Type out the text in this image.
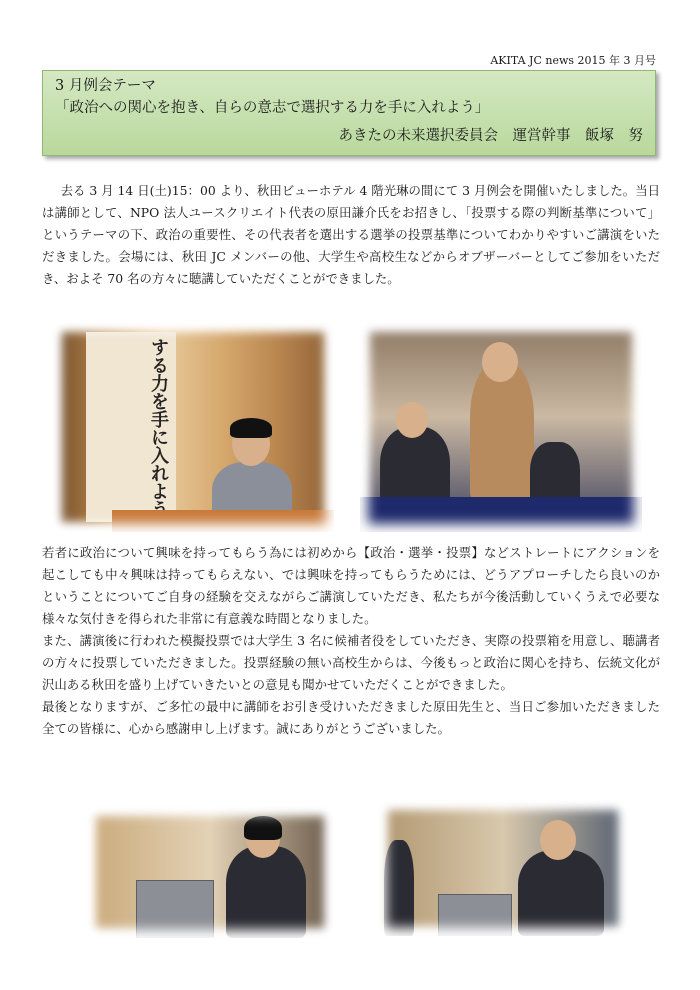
AKITA JC news 2015 年 3 月号
3 月例会テーマ
「政治への関心を抱き、自らの意志で選択する力を手に入れよう」
あきたの未来選択委員会　運営幹事　飯塚　努
去る 3 月 14 日(土)15：00 より、秋田ビューホテル 4 階光琳の間にて 3 月例会を開催いたしました。当日は講師として、NPO 法人ユースクリエイト代表の原田謙介氏をお招きし、「投票する際の判断基準について」というテーマの下、政治の重要性、その代表者を選出する選挙の投票基準についてわかりやすいご講演をいただきました。会場には、秋田 JC メンバーの他、大学生や高校生などからオブザーバーとしてご参加をいただき、およそ 70 名の方々に聴講していただくことができました。
する力を手に入れよう

若者に政治について興味を持ってもらう為には初めから【政治・選挙・投票】などストレートにアクションを起こしても中々興味は持ってもらえない、では興味を持ってもらうためには、どうアプローチしたら良いのかということについてご自身の経験を交えながらご講演していただき、私たちが今後活動していくうえで必要な様々な気付きを得られた非常に有意義な時間となりました。

また、講演後に行われた模擬投票では大学生 3 名に候補者役をしていただき、実際の投票箱を用意し、聴講者の方々に投票していただきました。投票経験の無い高校生からは、今後もっと政治に関心を持ち、伝統文化が沢山ある秋田を盛り上げていきたいとの意見も聞かせていただくことができました。

最後となりますが、ご多忙の最中に講師をお引き受けいただきました原田先生と、当日ご参加いただきました全ての皆様に、心から感謝申し上げます。誠にありがとうございました。
